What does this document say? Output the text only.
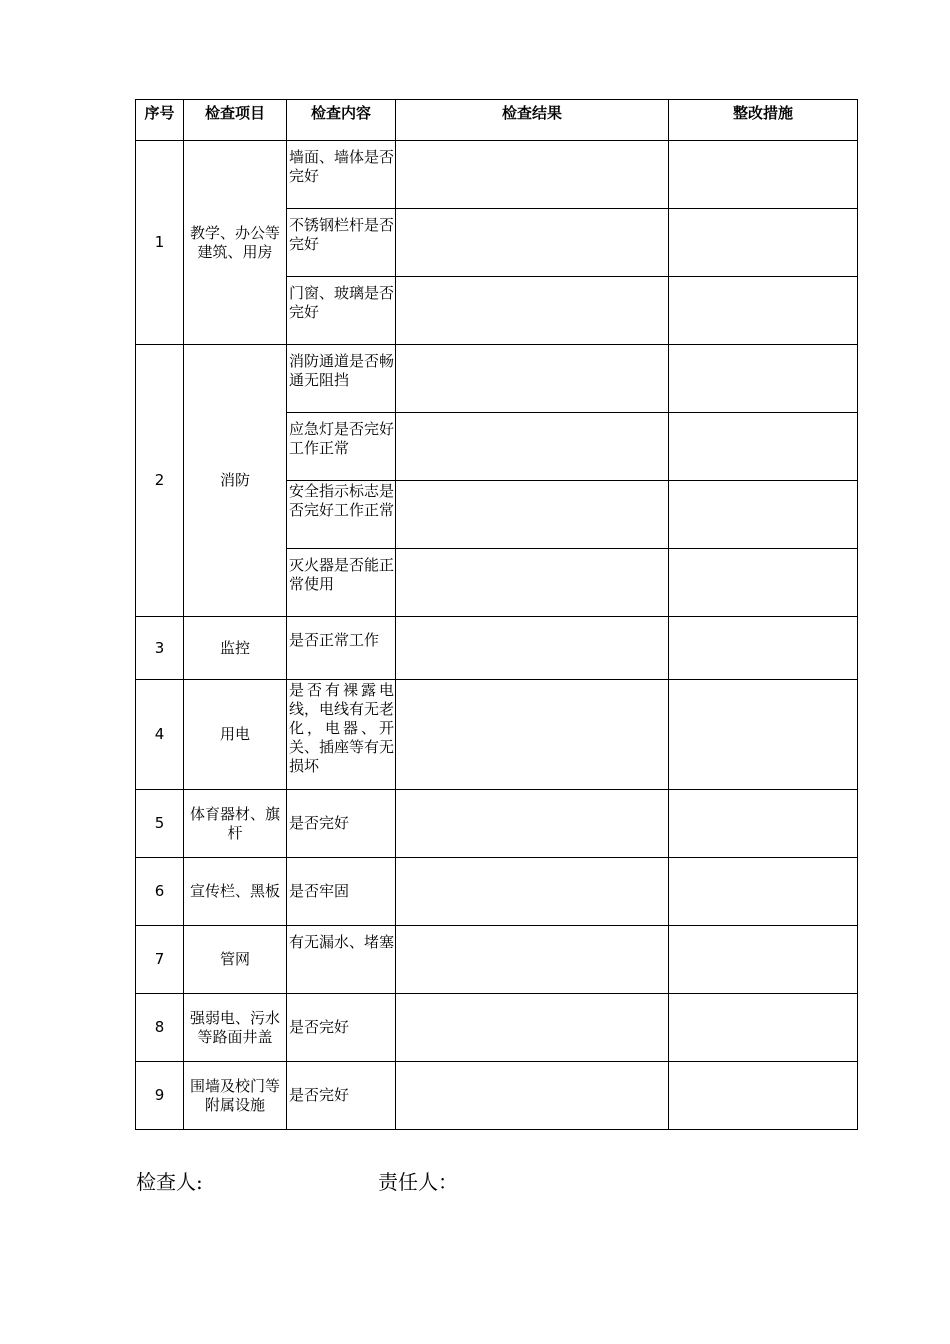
序号	检查项目	检查内容	检查结果	整改措施
1	教学、办公等建筑、用房	墙面、墙体是否完好		
		不锈钢栏杆是否完好		
		门窗、玻璃是否完好		
2	消防	消防通道是否畅通无阻挡		
		应急灯是否完好工作正常		
		安全指示标志是否完好工作正常		
		灭火器是否能正常使用		
3	监控	是否正常工作		
4	用电	是否有裸露电线，电线有无老化，电器、开关、插座等有无损坏		
5	体育器材、旗杆	是否完好		
6	宣传栏、黑板	是否牢固		
7	管网	有无漏水、堵塞		
8	强弱电、污水等路面井盖	是否完好		
9	围墙及校门等附属设施	是否完好		
检查人:	责任人：
